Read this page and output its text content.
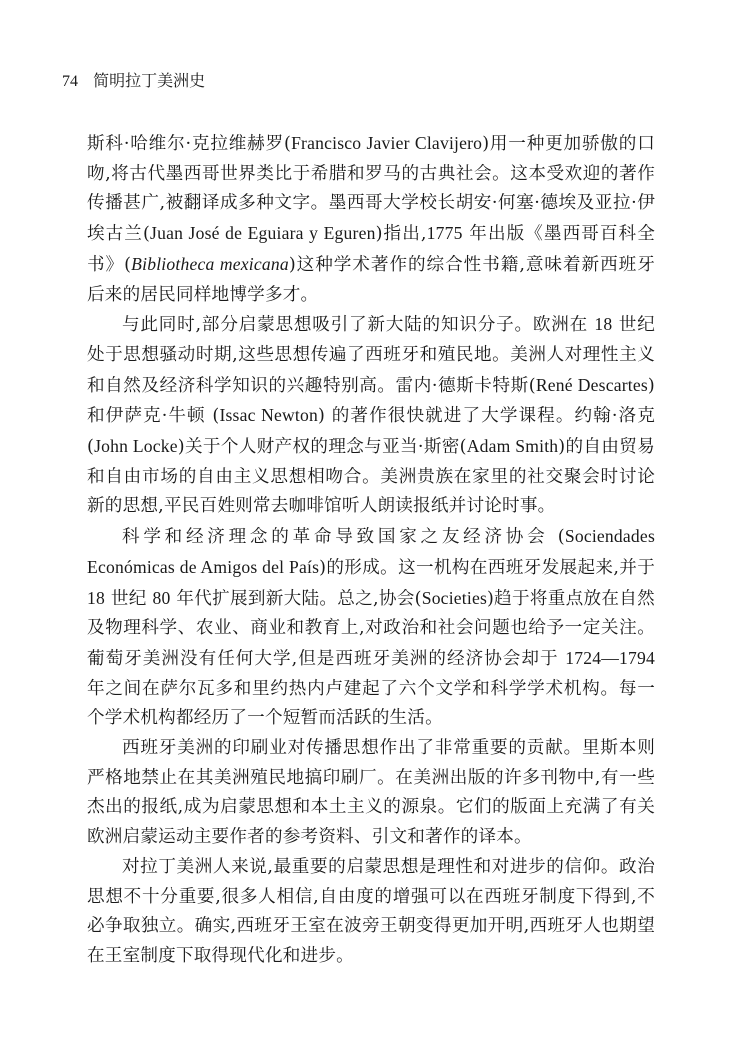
74 简明拉丁美洲史

斯科·哈维尔·克拉维赫罗(Francisco Javier Clavijero)用一种更加骄傲的口吻,将古代墨西哥世界类比于希腊和罗马的古典社会。这本受欢迎的著作传播甚广,被翻译成多种文字。墨西哥大学校长胡安·何塞·德埃及亚拉·伊埃古兰(Juan José de Eguiara y Eguren)指出,1775 年出版《墨西哥百科全书》(Bibliotheca mexicana)这种学术著作的综合性书籍,意味着新西班牙后来的居民同样地博学多才。

与此同时,部分启蒙思想吸引了新大陆的知识分子。欧洲在 18 世纪处于思想骚动时期,这些思想传遍了西班牙和殖民地。美洲人对理性主义和自然及经济科学知识的兴趣特别高。雷内·德斯卡特斯(René Descartes)和伊萨克·牛顿 (Issac Newton) 的著作很快就进了大学课程。约翰·洛克(John Locke)关于个人财产权的理念与亚当·斯密(Adam Smith)的自由贸易和自由市场的自由主义思想相吻合。美洲贵族在家里的社交聚会时讨论新的思想,平民百姓则常去咖啡馆听人朗读报纸并讨论时事。

科学和经济理念的革命导致国家之友经济协会 (Sociendades Económicas de Amigos del País)的形成。这一机构在西班牙发展起来,并于 18 世纪 80 年代扩展到新大陆。总之,协会(Societies)趋于将重点放在自然及物理科学、农业、商业和教育上,对政治和社会问题也给予一定关注。葡萄牙美洲没有任何大学,但是西班牙美洲的经济协会却于 1724—1794 年之间在萨尔瓦多和里约热内卢建起了六个文学和科学学术机构。每一个学术机构都经历了一个短暂而活跃的生活。

西班牙美洲的印刷业对传播思想作出了非常重要的贡献。里斯本则严格地禁止在其美洲殖民地搞印刷厂。在美洲出版的许多刊物中,有一些杰出的报纸,成为启蒙思想和本土主义的源泉。它们的版面上充满了有关欧洲启蒙运动主要作者的参考资料、引文和著作的译本。

对拉丁美洲人来说,最重要的启蒙思想是理性和对进步的信仰。政治思想不十分重要,很多人相信,自由度的增强可以在西班牙制度下得到,不必争取独立。确实,西班牙王室在波旁王朝变得更加开明,西班牙人也期望在王室制度下取得现代化和进步。
